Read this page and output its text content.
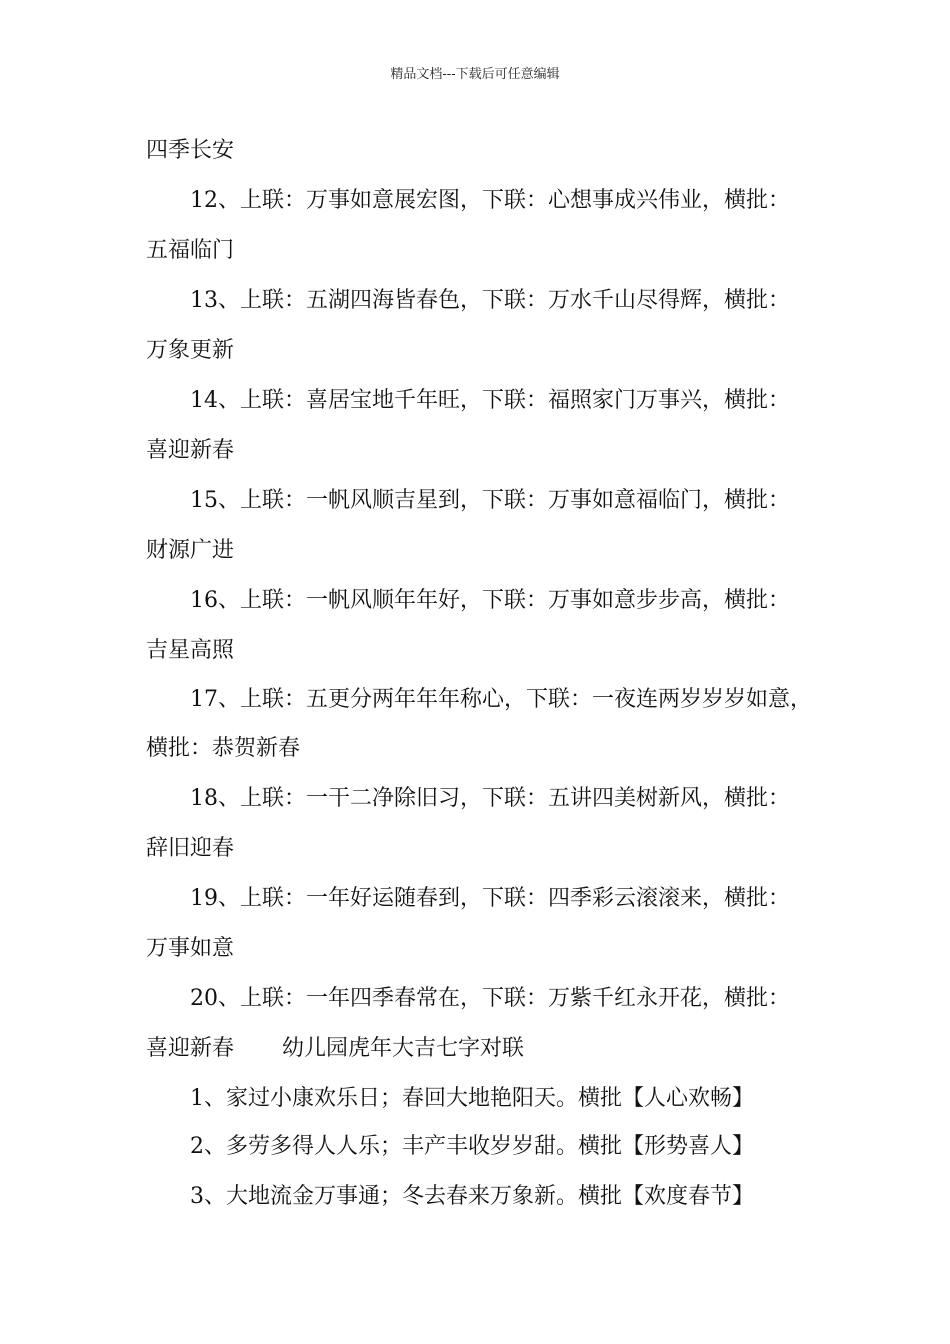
精品文档---下载后可任意编辑
四季长安
12、上联：万事如意展宏图，下联：心想事成兴伟业，横批：
五福临门
13、上联：五湖四海皆春色，下联：万水千山尽得辉，横批：
万象更新
14、上联：喜居宝地千年旺，下联：福照家门万事兴，横批：
喜迎新春
15、上联：一帆风顺吉星到，下联：万事如意福临门，横批：
财源广进
16、上联：一帆风顺年年好，下联：万事如意步步高，横批：
吉星高照
17、上联：五更分两年年年称心，下联：一夜连两岁岁岁如意，
横批：恭贺新春
18、上联：一干二净除旧习，下联：五讲四美树新风，横批：
辞旧迎春
19、上联：一年好运随春到，下联：四季彩云滚滚来，横批：
万事如意
20、上联：一年四季春常在，下联：万紫千红永开花，横批：
喜迎新春 幼儿园虎年大吉七字对联
1、家过小康欢乐日；春回大地艳阳天。横批【人心欢畅】
2、多劳多得人人乐；丰产丰收岁岁甜。横批【形势喜人】
3、大地流金万事通；冬去春来万象新。横批【欢度春节】
